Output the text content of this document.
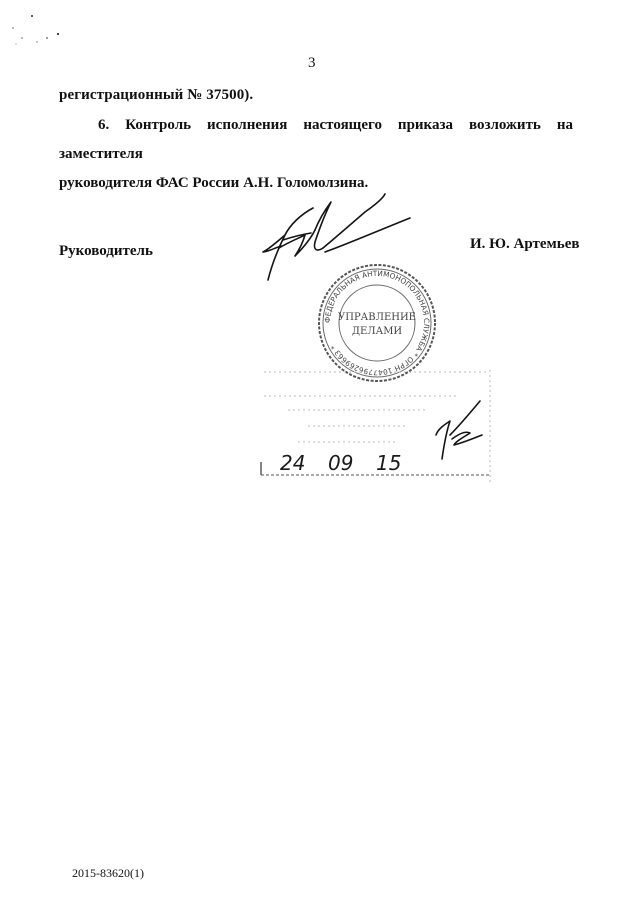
3
регистрационный № 37500).
6. Контроль исполнения настоящего приказа возложить на заместителя
руководителя ФАС России А.Н. Голомолзина.
Руководитель	И. Ю. Артемьев
ФЕДЕРАЛЬНАЯ АНТИМОНОПОЛЬНАЯ СЛУЖБА * ОГРН 1047796269663 *
УПРАВЛЕНИЕ
ДЕЛАМИ
24 09 15
2015-83620(1)
